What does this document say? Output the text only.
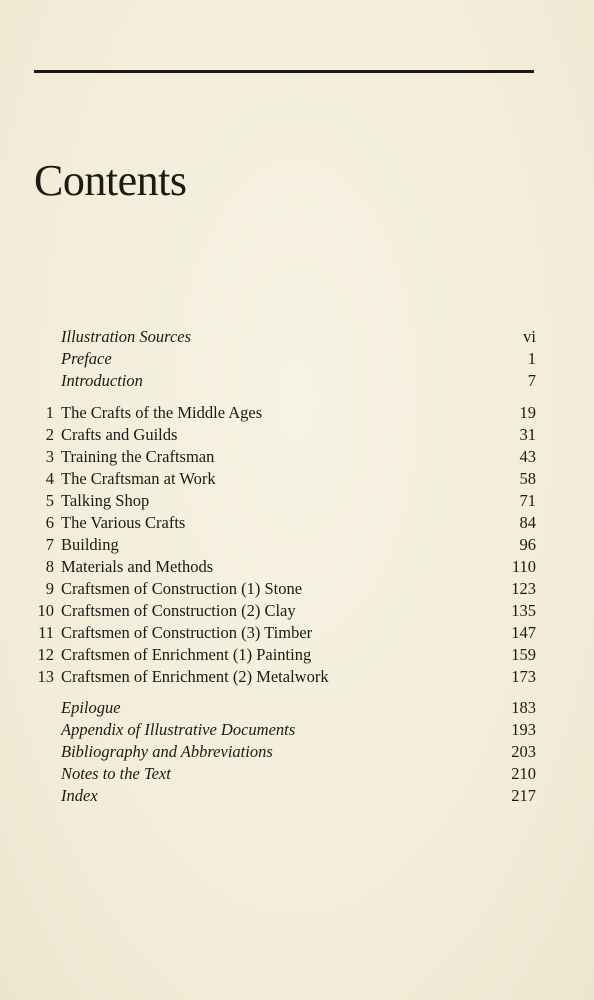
Contents
Illustration Sources	vi
Preface	1
Introduction	7
1 The Crafts of the Middle Ages	19
2 Crafts and Guilds	31
3 Training the Craftsman	43
4 The Craftsman at Work	58
5 Talking Shop	71
6 The Various Crafts	84
7 Building	96
8 Materials and Methods	110
9 Craftsmen of Construction (1) Stone	123
10 Craftsmen of Construction (2) Clay	135
11 Craftsmen of Construction (3) Timber	147
12 Craftsmen of Enrichment (1) Painting	159
13 Craftsmen of Enrichment (2) Metalwork	173
Epilogue	183
Appendix of Illustrative Documents	193
Bibliography and Abbreviations	203
Notes to the Text	210
Index	217
